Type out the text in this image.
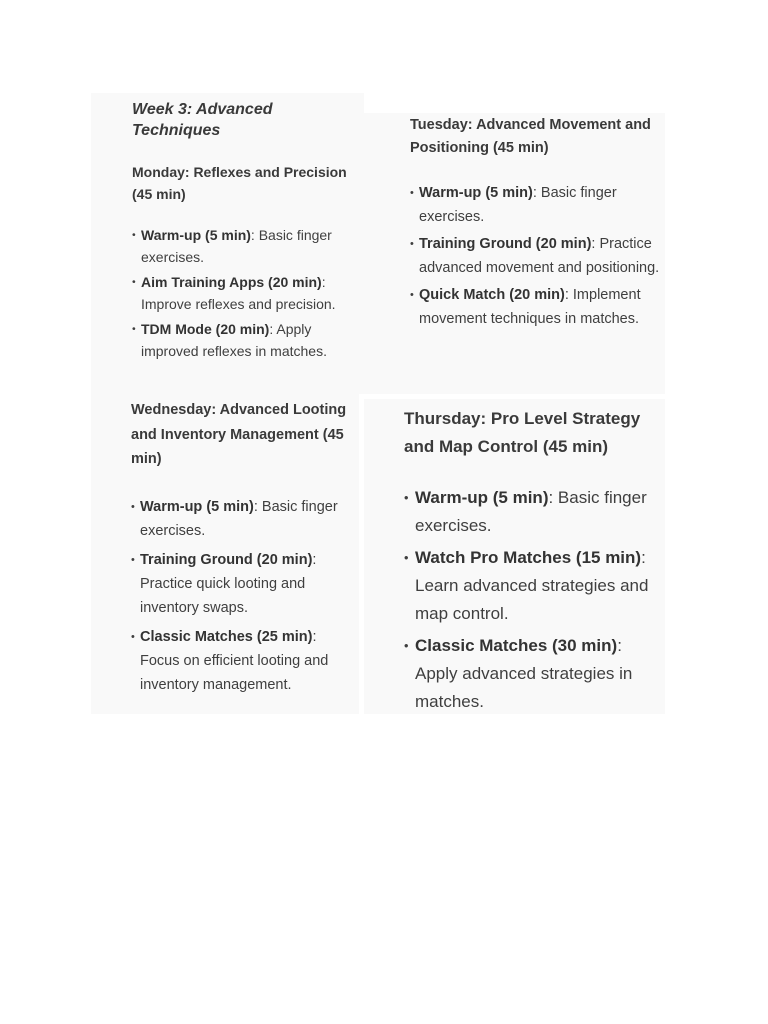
Week 3: Advanced Techniques
Monday: Reflexes and Precision (45 min)
• Warm-up (5 min): Basic finger exercises.
• Aim Training Apps (20 min): Improve reflexes and precision.
• TDM Mode (20 min): Apply improved reflexes in matches.
Tuesday: Advanced Movement and Positioning (45 min)
• Warm-up (5 min): Basic finger exercises.
• Training Ground (20 min): Practice advanced movement and positioning.
• Quick Match (20 min): Implement movement techniques in matches.
Wednesday: Advanced Looting and Inventory Management (45 min)
• Warm-up (5 min): Basic finger exercises.
• Training Ground (20 min): Practice quick looting and inventory swaps.
• Classic Matches (25 min): Focus on efficient looting and inventory management.
Thursday: Pro Level Strategy and Map Control (45 min)
• Warm-up (5 min): Basic finger exercises.
• Watch Pro Matches (15 min): Learn advanced strategies and map control.
• Classic Matches (30 min): Apply advanced strategies in matches.
